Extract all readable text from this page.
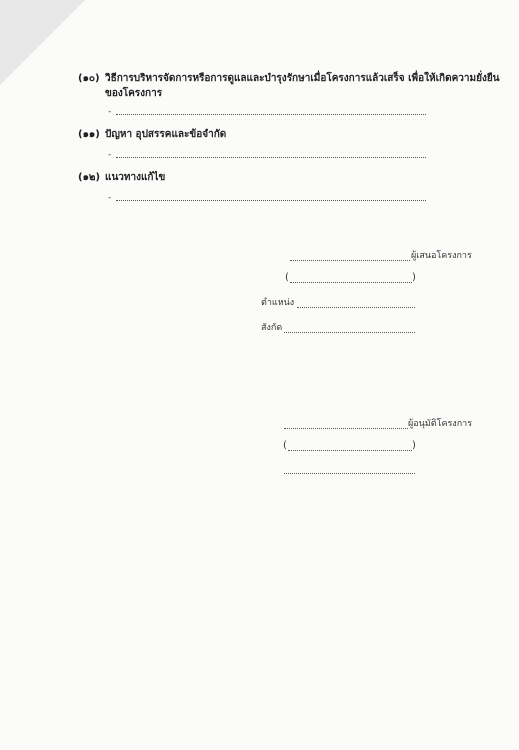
(๑๐) วิธีการบริหารจัดการหรือการดูแลและบำรุงรักษาเมื่อโครงการแล้วเสร็จ เพื่อให้เกิดความยั่งยืน
ของโครงการ
-
(๑๑) ปัญหา อุปสรรคและข้อจำกัด
-
(๑๒) แนวทางแก้ไข
-
ผู้เสนอโครงการ
(	)
ตำแหน่ง
สังกัด
ผู้อนุมัติโครงการ
(	)
